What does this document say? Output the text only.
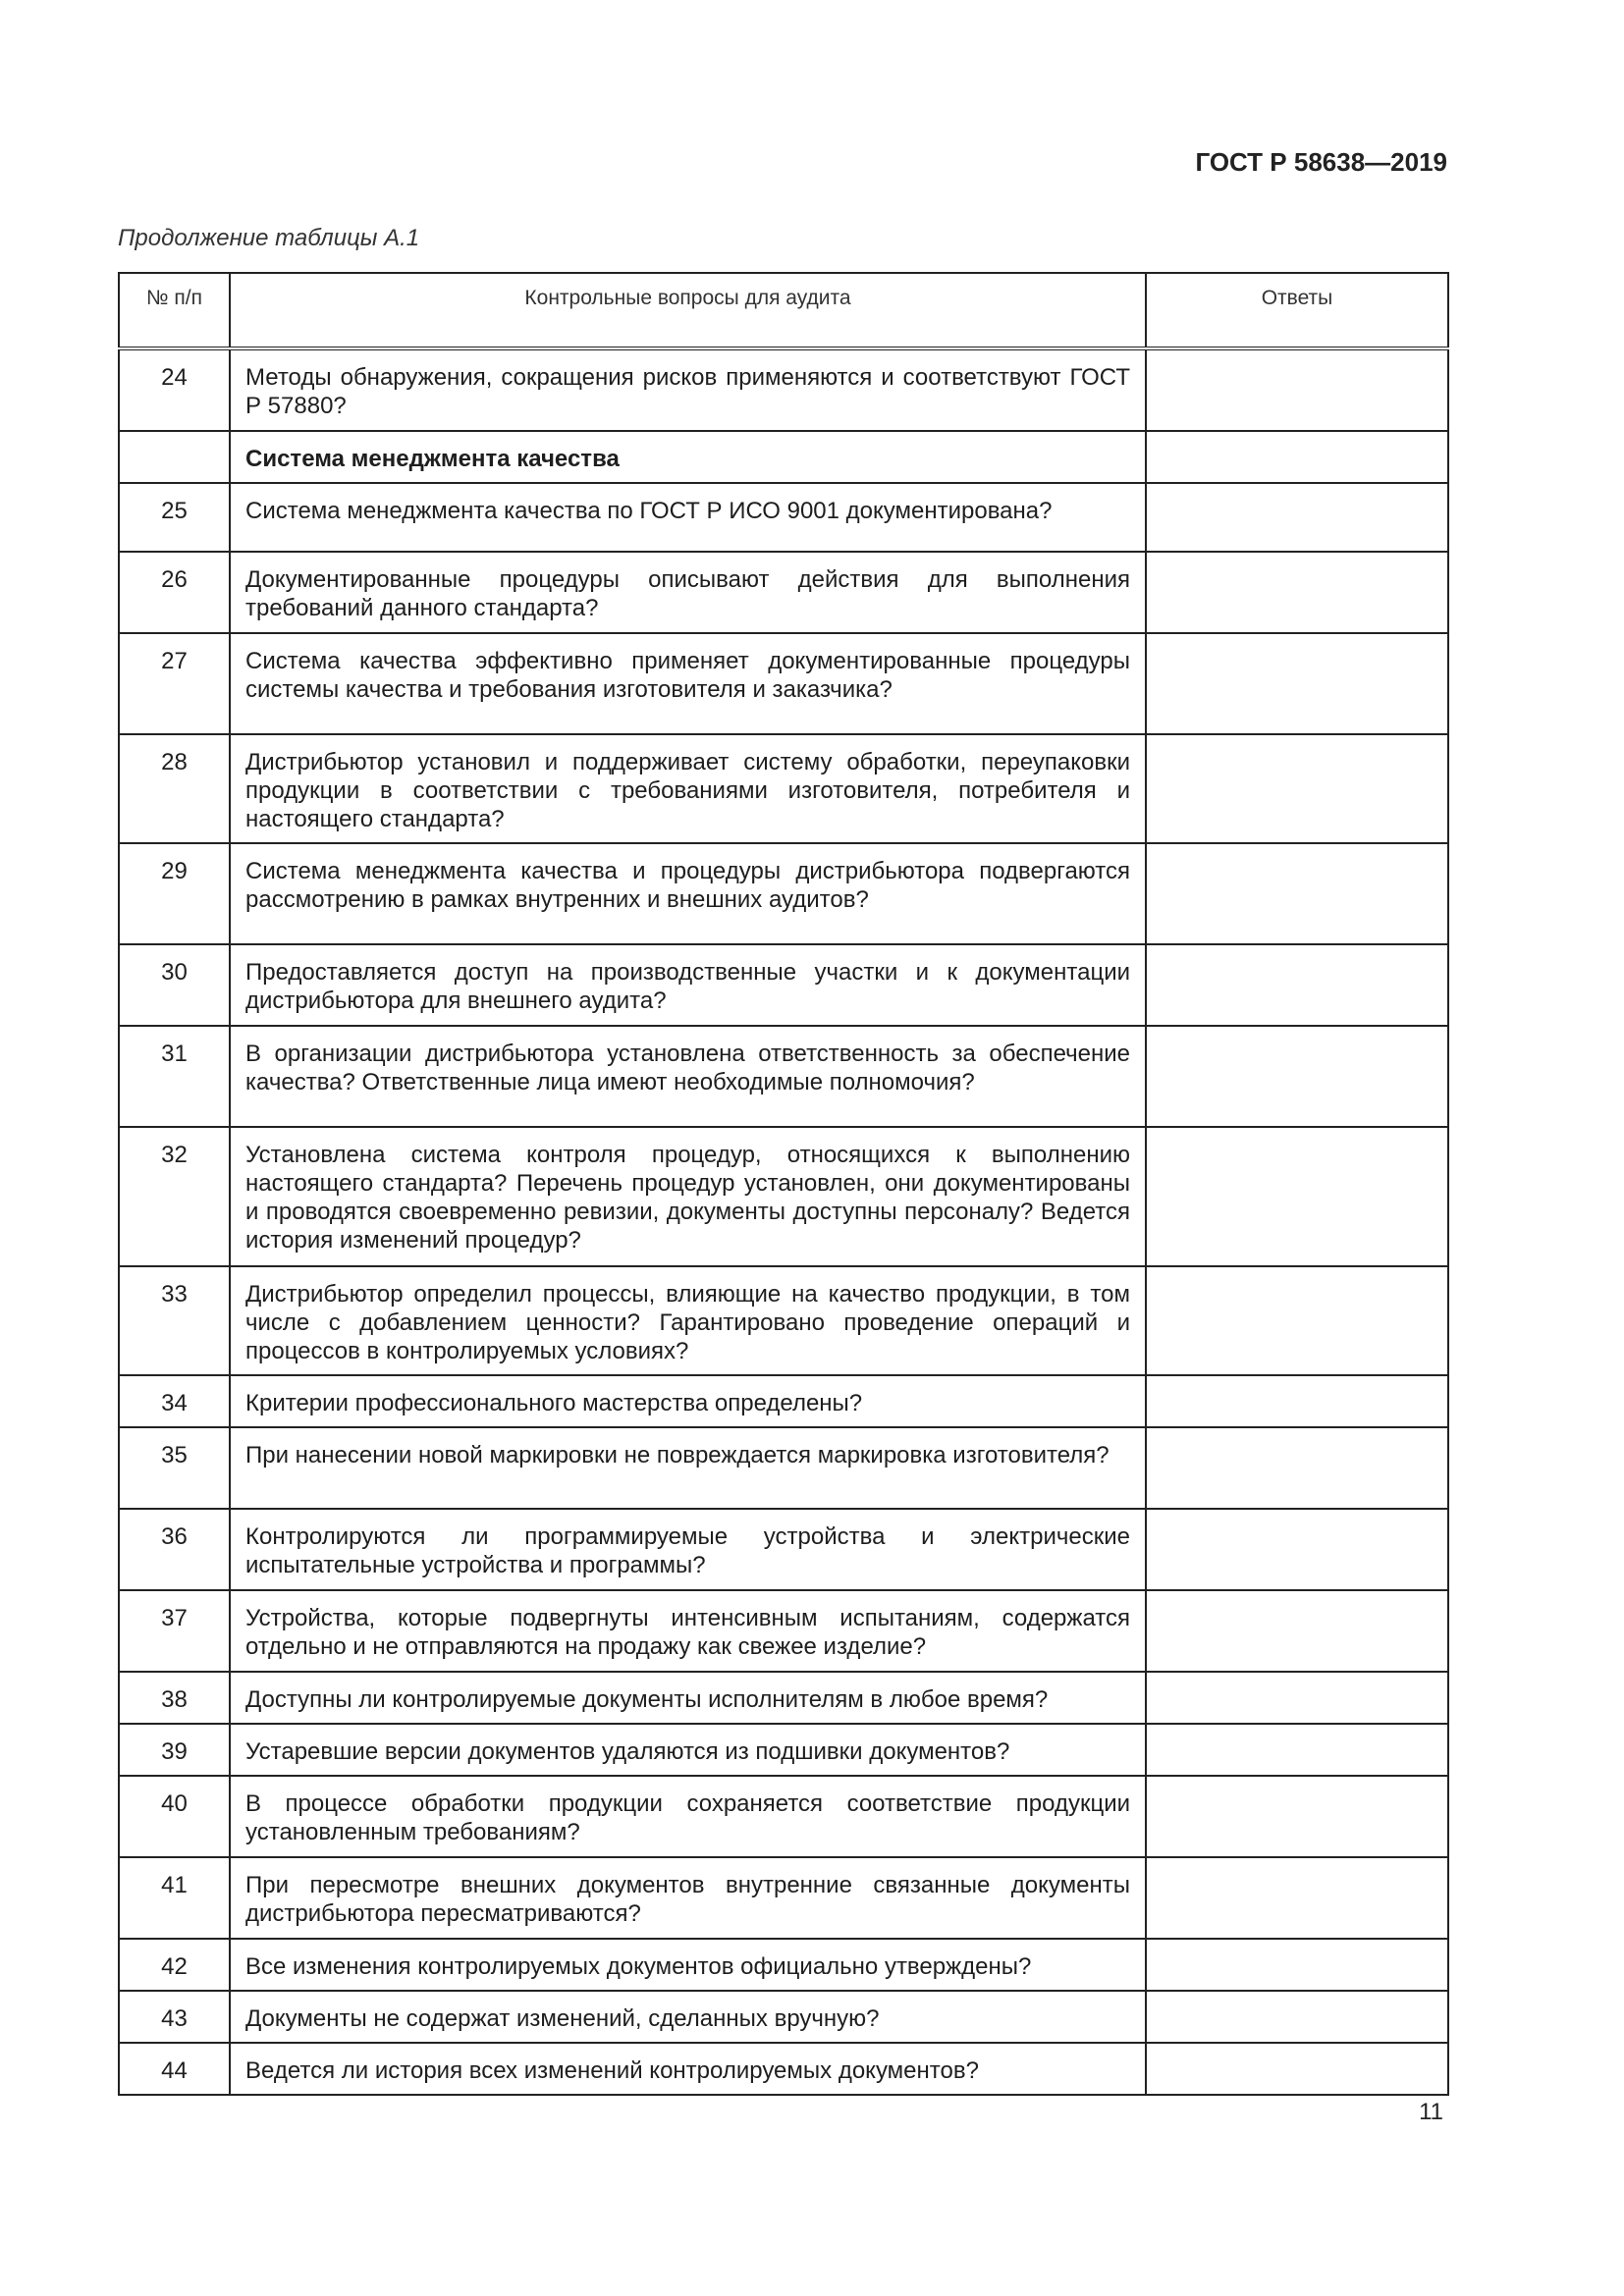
ГОСТ Р 58638—2019
Продолжение таблицы А.1
№ п/п	Контрольные вопросы для аудита	Ответы
24	Методы обнаружения, сокращения рисков применяются и соответствуют ГОСТ Р 57880?	
	Система менеджмента качества	
25	Система менеджмента качества по ГОСТ Р ИСО 9001 документирована?	
26	Документированные процедуры описывают действия для выполнения требований данного стандарта?	
27	Система качества эффективно применяет документированные процедуры системы качества и требования изготовителя и заказчика?	
28	Дистрибьютор установил и поддерживает систему обработки, переупаковки продукции в соответствии с требованиями изготовителя, потребителя и настоящего стандарта?	
29	Система менеджмента качества и процедуры дистрибьютора подвергаются рассмотрению в рамках внутренних и внешних аудитов?	
30	Предоставляется доступ на производственные участки и к документации дистрибьютора для внешнего аудита?	
31	В организации дистрибьютора установлена ответственность за обеспечение качества? Ответственные лица имеют необходимые полномочия?	
32	Установлена система контроля процедур, относящихся к выполнению настоящего стандарта? Перечень процедур установлен, они документированы и проводятся своевременно ревизии, документы доступны персоналу? Ведется история изменений процедур?	
33	Дистрибьютор определил процессы, влияющие на качество продукции, в том числе с добавлением ценности? Гарантировано проведение операций и процессов в контролируемых условиях?	
34	Критерии профессионального мастерства определены?	
35	При нанесении новой маркировки не повреждается маркировка изготовителя?	
36	Контролируются ли программируемые устройства и электрические испытательные устройства и программы?	
37	Устройства, которые подвергнуты интенсивным испытаниям, содержатся отдельно и не отправляются на продажу как свежее изделие?	
38	Доступны ли контролируемые документы исполнителям в любое время?	
39	Устаревшие версии документов удаляются из подшивки документов?	
40	В процессе обработки продукции сохраняется соответствие продукции установленным требованиям?	
41	При пересмотре внешних документов внутренние связанные документы дистрибьютора пересматриваются?	
42	Все изменения контролируемых документов официально утверждены?	
43	Документы не содержат изменений, сделанных вручную?	
44	Ведется ли история всех изменений контролируемых документов?	
11
